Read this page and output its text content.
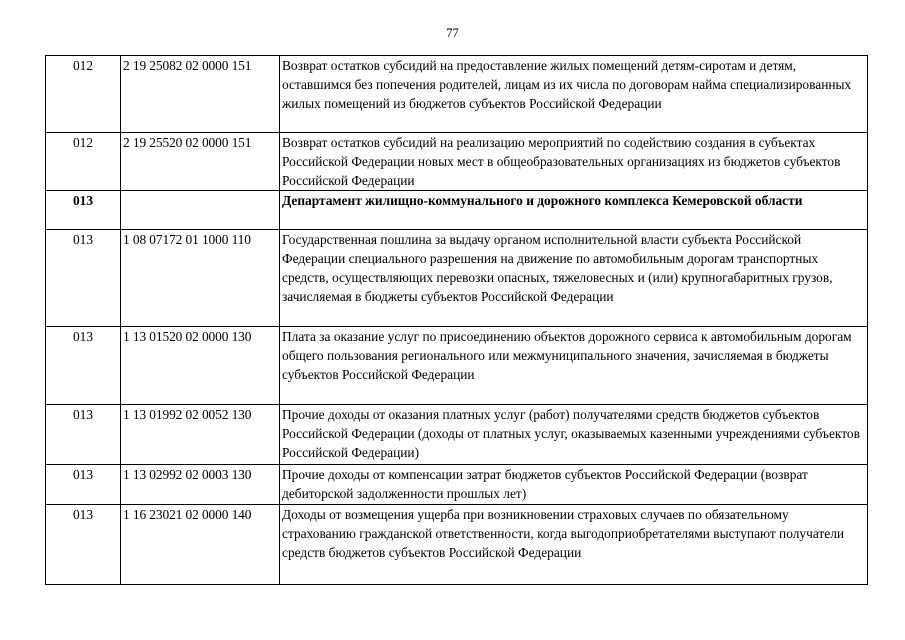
77
012	2 19 25082 02 0000 151	Возврат остатков субсидий на предоставление жилых помещений детям-сиротам и детям, оставшимся без попечения родителей, лицам из их числа по договорам найма специализированных жилых помещений из бюджетов субъектов Российской Федерации
012	2 19 25520 02 0000 151	Возврат остатков субсидий на реализацию мероприятий по содействию создания в субъектах Российской Федерации новых мест в общеобразовательных организациях из бюджетов субъектов Российской Федерации
013		Департамент жилищно-коммунального и дорожного комплекса Кемеровской области
013	1 08 07172 01 1000 110	Государственная пошлина за выдачу органом исполнительной власти субъекта Российской Федерации специального разрешения на движение по автомобильным дорогам транспортных средств, осуществляющих перевозки опасных, тяжеловесных и (или) крупногабаритных грузов, зачисляемая в бюджеты субъектов Российской Федерации
013	1 13 01520 02 0000 130	Плата за оказание услуг по присоединению объектов дорожного сервиса к автомобильным дорогам общего пользования регионального или межмуниципального значения, зачисляемая в бюджеты субъектов Российской Федерации
013	1 13 01992 02 0052 130	Прочие доходы от оказания платных услуг (работ) получателями средств бюджетов субъектов Российской Федерации (доходы от платных услуг, оказываемых казенными учреждениями субъектов Российской Федерации)
013	1 13 02992 02 0003 130	Прочие доходы от компенсации затрат бюджетов субъектов Российской Федерации (возврат дебиторской задолженности прошлых лет)
013	1 16 23021 02 0000 140	Доходы от возмещения ущерба при возникновении страховых случаев по обязательному страхованию гражданской ответственности, когда выгодоприобретателями выступают получатели средств бюджетов субъектов Российской Федерации
